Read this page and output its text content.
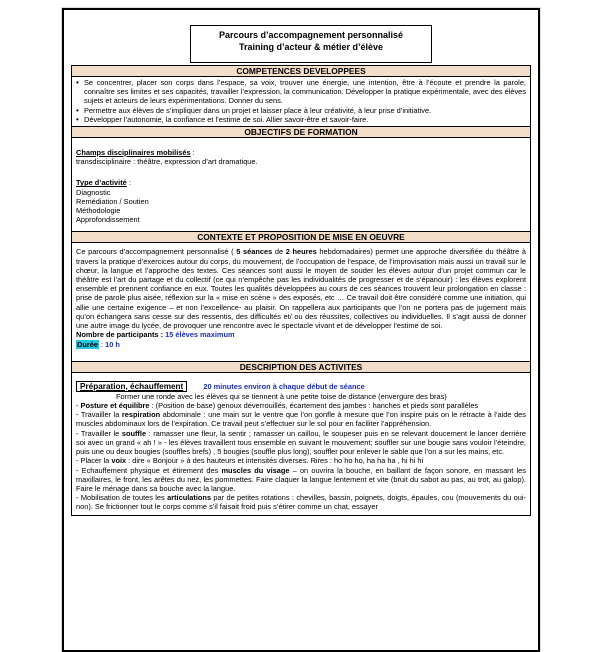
Parcours d’accompagnement personnalisé
Training d’acteur & métier d’élève
COMPETENCES DEVELOPPEES
• Se concentrer, placer son corps dans l’espace, sa voix, trouver une énergie, une intention, être à l’écoute et prendre la parole, connaître ses limites et ses capacités, travailler l’expression, la communication. Développer la pratique expérimentale, avec des élèves sujets et acteurs de leurs expérimentations. Donner du sens.
• Permettre aux élèves de s’impliquer dans un projet et laisser place à leur créativité, à leur prise d’initiative.
• Développer l’autonomie, la confiance et l’estime de soi. Allier savoir-être et savoir-faire.
OBJECTIFS DE FORMATION
Champs disciplinaires mobilisés :
transdisciplinaire : théâtre, expression d’art dramatique.
Type d’activité :
Diagnostic
Remédiation / Soutien
Méthodologie
Approfondissement
CONTEXTE ET PROPOSITION DE MISE EN OEUVRE
Ce parcours d’accompagnement personnalisé ( 5 séances de 2 heures hebdomadaires) permet une approche diversifiée du théâtre à travers la pratique d’exercices autour du corps, du mouvement, de l’occupation de l’espace, de l’improvisation mais aussi un travail sur le chœur, la langue et l’approche des textes. Ces séances sont aussi le moyen de souder les élèves autour d’un projet commun car le théâtre est l’art du partage et du collectif (ce qui n’empêche pas les individualités de progresser et de s’épanouir) : les élèves explorent ensemble et prennent confiance en eux. Toutes les qualités développées au cours de ces séances trouvent leur prolongation en classe : prise de parole plus aisée, réflexion sur la « mise en scène » des exposés, etc … Ce travail doit être considéré comme une initiation, qui allie une certaine exigence – et non l’excellence- au plaisir. On rappellera aux participants que l’on ne portera pas de jugement mais qu’on échangera sans cesse sur des ressentis, des difficultés et/ ou des réussites, collectives ou individuelles. Il s’agit aussi de donner une autre image du lycée, de provoquer une rencontre avec le spectacle vivant et de développer l’estime de soi.
Nombre de participants : 15 élèves maximum
Durée : 10 h
DESCRIPTION DES ACTIVITES
Préparation, échauffement	20 minutes environ à chaque début de séance
Former une ronde avec les élèves qui se tiennent à une petite toise de distance (envergure des bras)
- Posture et équilibre : (Position de base) genoux déverrouillés, écartement des jambes : hanches et pieds sont parallèles
- Travailler la respiration abdominale : une main sur le ventre que l’on gonfle à mesure que l’on inspire puis on le rétracte à l’aide des muscles abdominaux lors de l’expiration. Ce travail peut s’effectuer sur le sol pour en faciliter l’appréhension.
- Travailler le souffle : ramasser une fleur, la sentir ; ramasser un caillou, le soupeser puis en se relevant doucement le lancer derrière soi avec un grand « ah ! » - les élèves travaillent tous ensemble en suivant le mouvement; souffler sur une bougie sans vouloir l’éteindre, puis une ou deux bougies (souffles brefs) , 5 bougies (souffle plus long), souffler pour enlever le sable que l’on a sur les mains, etc.
- Placer la voix : dire « Bonjour » à des hauteurs et intensités diverses. Rires : ho ho ho, ha ha ha , hi hi hi
- Echauffement physique et étirement des muscles du visage – on ouvrira la bouche, en baillant de façon sonore, en massant les maxillaires, le front, les arêtes du nez, les pommettes. Faire claquer la langue lentement et vite (bruit du sabot au pas, au trot, au galop). Faire le ménage dans sa bouche avec la langue.
- Mobilisation de toutes les articulations par de petites rotations : chevilles, bassin, poignets, doigts, épaules, cou (mouvements du oui-non). Se frictionner tout le corps comme s’il faisait froid puis s’étirer comme un chat, essayer
